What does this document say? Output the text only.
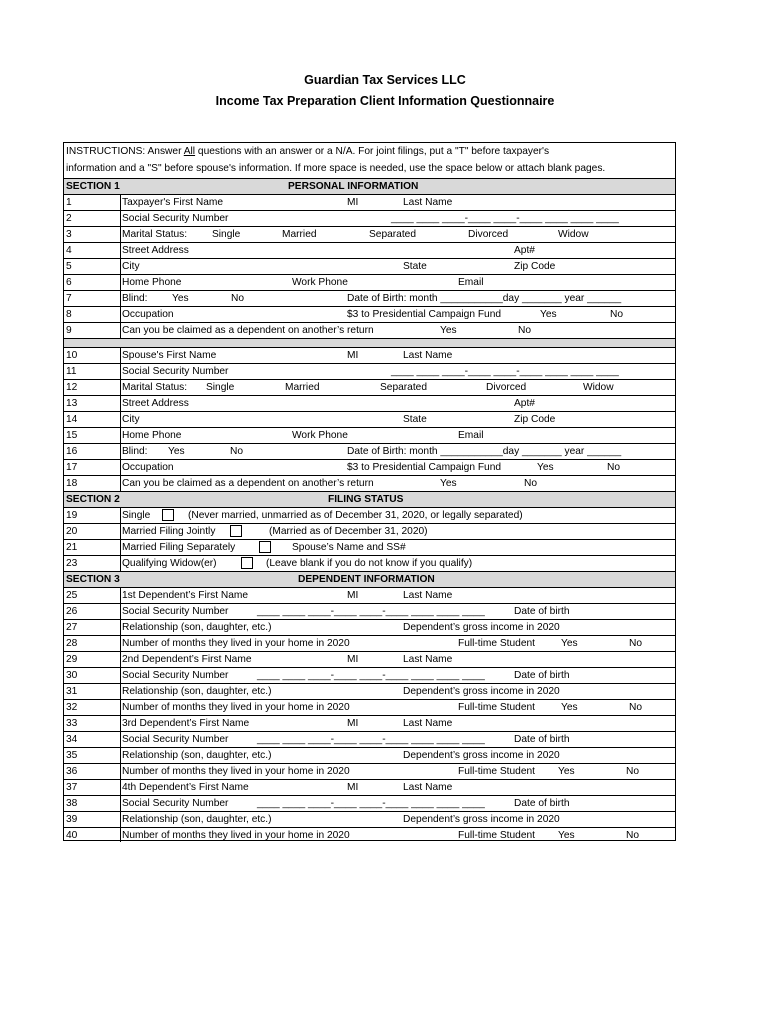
Guardian Tax Services LLC
Income Tax Preparation Client Information Questionnaire
INSTRUCTIONS: Answer All questions with an answer or a N/A. For joint filings, put a "T" before taxpayer's
information and a "S" before spouse's information. If more space is needed, use the space below or attach blank pages.
SECTION 1	PERSONAL INFORMATION
1	Taxpayer's First Name	MI	Last Name
2	Social Security Number	____ ____ ____-____ ____-____ ____ ____ ____
3	Marital Status: Single	Married	Separated	Divorced	Widow
4	Street Address	Apt#
5	City	State	Zip Code
6	Home Phone	Work Phone	Email
7	Blind: Yes	No	Date of Birth: month ___________day _______ year ______
8	Occupation	$3 to Presidential Campaign Fund	Yes	No
9	Can you be claimed as a dependent on another’s return	Yes	No
10	Spouse's First Name	MI	Last Name
11	Social Security Number	____ ____ ____-____ ____-____ ____ ____ ____
12	Marital Status: Single	Married	Separated	Divorced	Widow
13	Street Address	Apt#
14	City	State	Zip Code
15	Home Phone	Work Phone	Email
16	Blind: Yes	No	Date of Birth: month ___________day _______ year ______
17	Occupation	$3 to Presidential Campaign Fund	Yes	No
18	Can you be claimed as a dependent on another’s return	Yes	No
SECTION 2	FILING STATUS
19	Single	(Never married, unmarried as of December 31, 2020, or legally separated)
20	Married Filing Jointly	(Married as of December 31, 2020)
21	Married Filing Separately	Spouse’s Name and SS#
23	Qualifying Widow(er)	(Leave blank if you do not know if you qualify)
SECTION 3	DEPENDENT INFORMATION
25	1st Dependent’s First Name	MI	Last Name
26	Social Security Number	____ ____ ____-____ ____-____ ____ ____ ____	Date of birth
27	Relationship (son, daughter, etc.)	Dependent’s gross income in 2020
28	Number of months they lived in your home in 2020	Full-time Student	Yes	No
29	2nd Dependent’s First Name	MI	Last Name
30	Social Security Number	____ ____ ____-____ ____-____ ____ ____ ____	Date of birth
31	Relationship (son, daughter, etc.)	Dependent’s gross income in 2020
32	Number of months they lived in your home in 2020	Full-time Student	Yes	No
33	3rd Dependent’s First Name	MI	Last Name
34	Social Security Number	____ ____ ____-____ ____-____ ____ ____ ____	Date of birth
35	Relationship (son, daughter, etc.)	Dependent’s gross income in 2020
36	Number of months they lived in your home in 2020	Full-time Student Yes	No
37	4th Dependent’s First Name	MI	Last Name
38	Social Security Number	____ ____ ____-____ ____-____ ____ ____ ____	Date of birth
39	Relationship (son, daughter, etc.)	Dependent’s gross income in 2020
40	Number of months they lived in your home in 2020	Full-time Student Yes	No
